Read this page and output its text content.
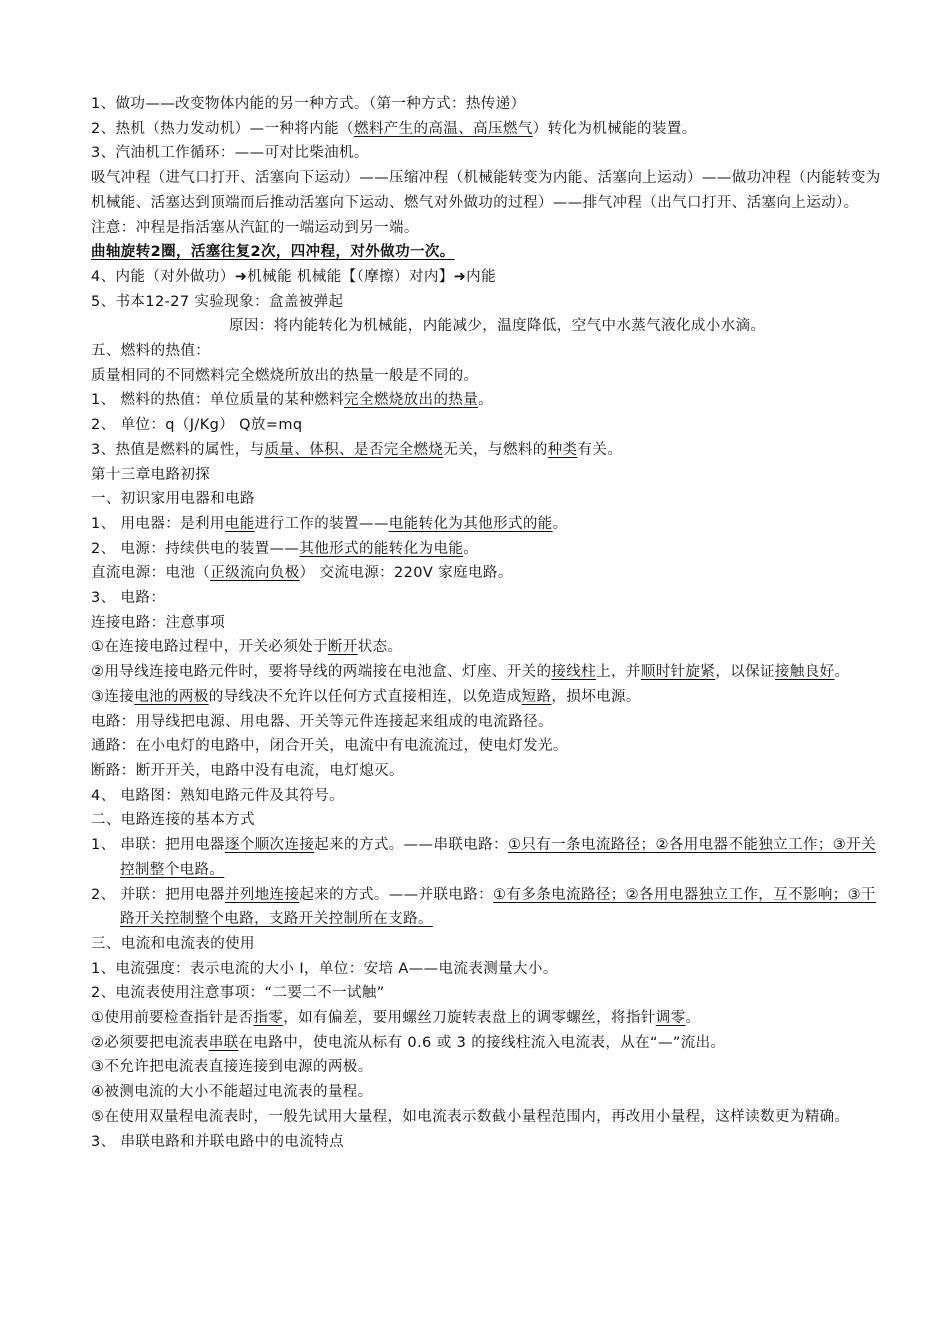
1、做功——改变物体内能的另一种方式。（第一种方式：热传递）
2、热机（热力发动机）—一种将内能（燃料产生的高温、高压燃气）转化为机械能的装置。
3、汽油机工作循环：——可对比柴油机。
吸气冲程（进气口打开、活塞向下运动）——压缩冲程（机械能转变为内能、活塞向上运动）——做功冲程（内能转变为机械能、活塞达到顶端而后推动活塞向下运动、燃气对外做功的过程）——排气冲程（出气口打开、活塞向上运动）。
注意：冲程是指活塞从汽缸的一端运动到另一端。
曲轴旋转2圈，活塞往复2次，四冲程，对外做功一次。
4、内能（对外做功）➜机械能 机械能【（摩擦）对内】➜内能
5、书本12-27 实验现象：盒盖被弹起
原因：将内能转化为机械能，内能减少，温度降低，空气中水蒸气液化成小水滴。
五、燃料的热值：
质量相同的不同燃料完全燃烧所放出的热量一般是不同的。
1、 燃料的热值：单位质量的某种燃料完全燃烧放出的热量。
2、 单位：q（J/Kg） Q放=mq
3、热值是燃料的属性，与质量、体积、是否完全燃烧无关，与燃料的种类有关。
第十三章电路初探
一、初识家用电器和电路
1、 用电器：是利用电能进行工作的装置——电能转化为其他形式的能。
2、 电源：持续供电的装置——其他形式的能转化为电能。
直流电源：电池（正级流向负极） 交流电源：220V 家庭电路。
3、 电路：
连接电路：注意事项
①在连接电路过程中，开关必须处于断开状态。
②用导线连接电路元件时，要将导线的两端接在电池盒、灯座、开关的接线柱上，并顺时针旋紧，以保证接触良好。
③连接电池的两极的导线决不允许以任何方式直接相连，以免造成短路，损坏电源。
电路：用导线把电源、用电器、开关等元件连接起来组成的电流路径。
通路：在小电灯的电路中，闭合开关，电流中有电流流过，使电灯发光。
断路：断开开关，电路中没有电流，电灯熄灭。
4、 电路图：熟知电路元件及其符号。
二、电路连接的基本方式
1、 串联：把用电器逐个顺次连接起来的方式。——串联电路：①只有一条电流路径；②各用电器不能独立工作；③开关控制整个电路。
2、 并联：把用电器并列地连接起来的方式。——并联电路：①有多条电流路径；②各用电器独立工作，互不影响；③干路开关控制整个电路，支路开关控制所在支路。
三、电流和电流表的使用
1、电流强度：表示电流的大小 I，单位：安培 A——电流表测量大小。
2、电流表使用注意事项：“二要二不一试触”
①使用前要检查指针是否指零，如有偏差，要用螺丝刀旋转表盘上的调零螺丝，将指针调零。
②必须要把电流表串联在电路中，使电流从标有 0.6 或 3 的接线柱流入电流表，从在“—”流出。
③不允许把电流表直接连接到电源的两极。
④被测电流的大小不能超过电流表的量程。
⑤在使用双量程电流表时，一般先试用大量程，如电流表示数截小量程范围内，再改用小量程，这样读数更为精确。
3、 串联电路和并联电路中的电流特点
